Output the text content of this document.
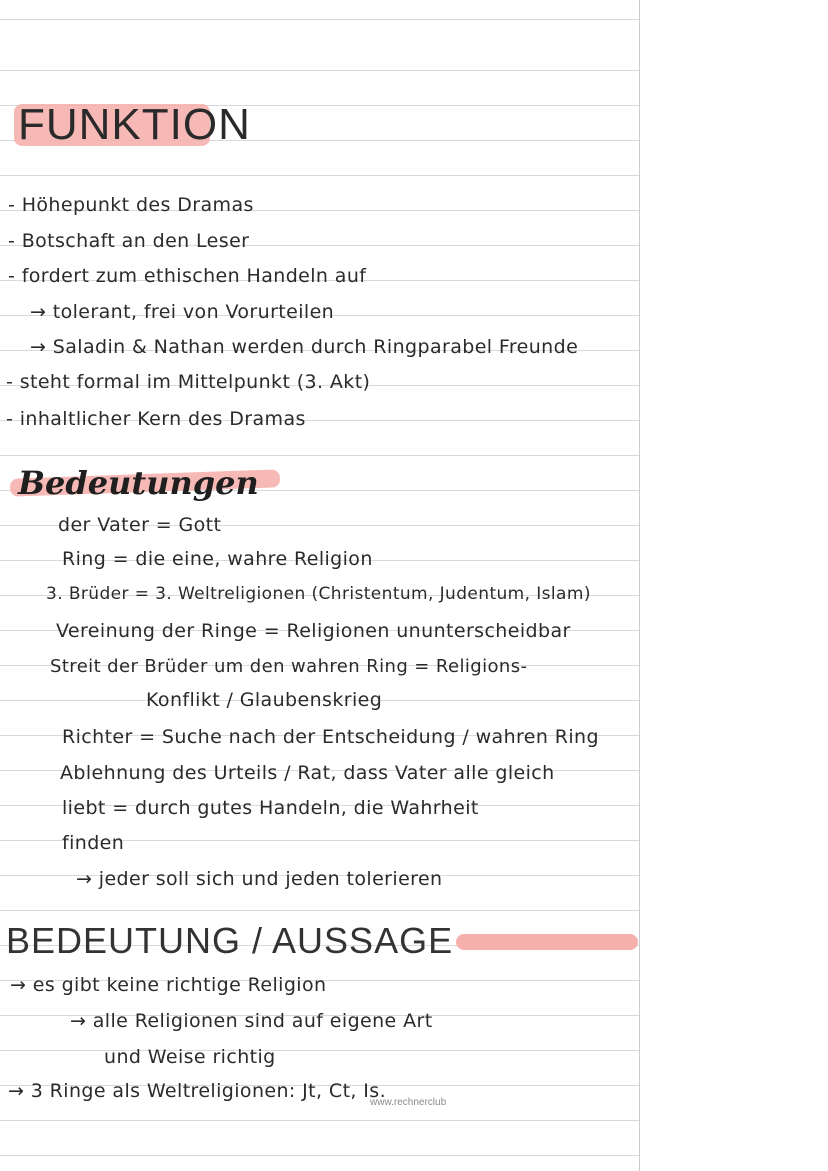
FUNKTION
- Höhepunkt des Dramas
- Botschaft an den Leser
- fordert zum ethischen Handeln auf
→ tolerant, frei von Vorurteilen
→ Saladin & Nathan werden durch Ringparabel Freunde
- steht formal im Mittelpunkt (3. Akt)
- inhaltlicher Kern des Dramas
Bedeutungen
der Vater = Gott
Ring = die eine, wahre Religion
3. Brüder = 3. Weltreligionen (Christentum, Judentum, Islam)
Vereinung der Ringe = Religionen ununterscheidbar
Streit der Brüder um den wahren Ring = Religions-
Konflikt / Glaubenskrieg
Richter = Suche nach der Entscheidung / wahren Ring
Ablehnung des Urteils / Rat, dass Vater alle gleich
liebt = durch gutes Handeln, die Wahrheit
finden
→ jeder soll sich und jeden tolerieren
BEDEUTUNG / AUSSAGE
→ es gibt keine richtige Religion
→ alle Religionen sind auf eigene Art
und Weise richtig
→ 3 Ringe als Weltreligionen: Jt, Ct, Is.
www.rechnerclub
